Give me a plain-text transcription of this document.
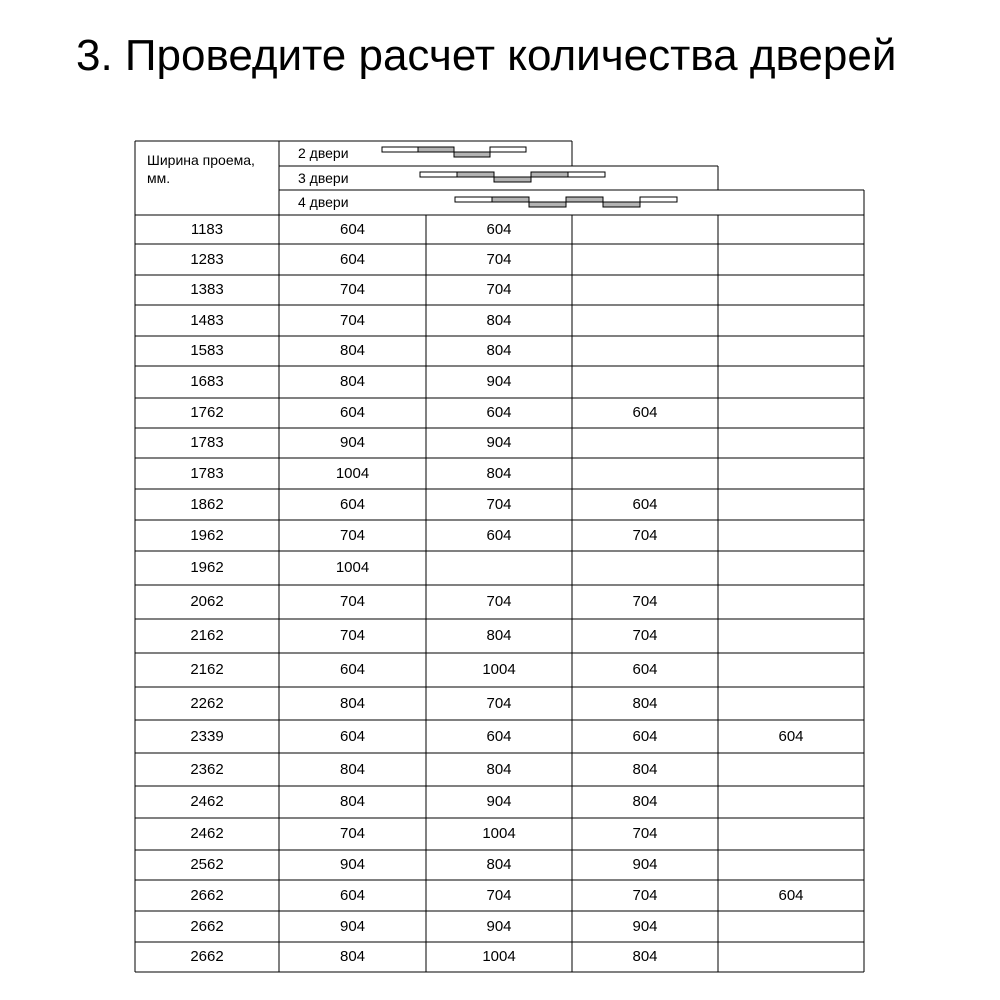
3. Проведите расчет количества дверей
Ширина проема, мм.
2 двери
3 двери
4 двери
1183	604	604
1283	604	704
1383	704	704
1483	704	804
1583	804	804
1683	804	904
1762	604	604	604
1783	904	904
1783	1004	804
1862	604	704	604
1962	704	604	704
1962	1004
2062	704	704	704
2162	704	804	704
2162	604	1004	604
2262	804	704	804
2339	604	604	604	604
2362	804	804	804
2462	804	904	804
2462	704	1004	704
2562	904	804	904
2662	604	704	704	604
2662	904	904	904
2662	804	1004	804
